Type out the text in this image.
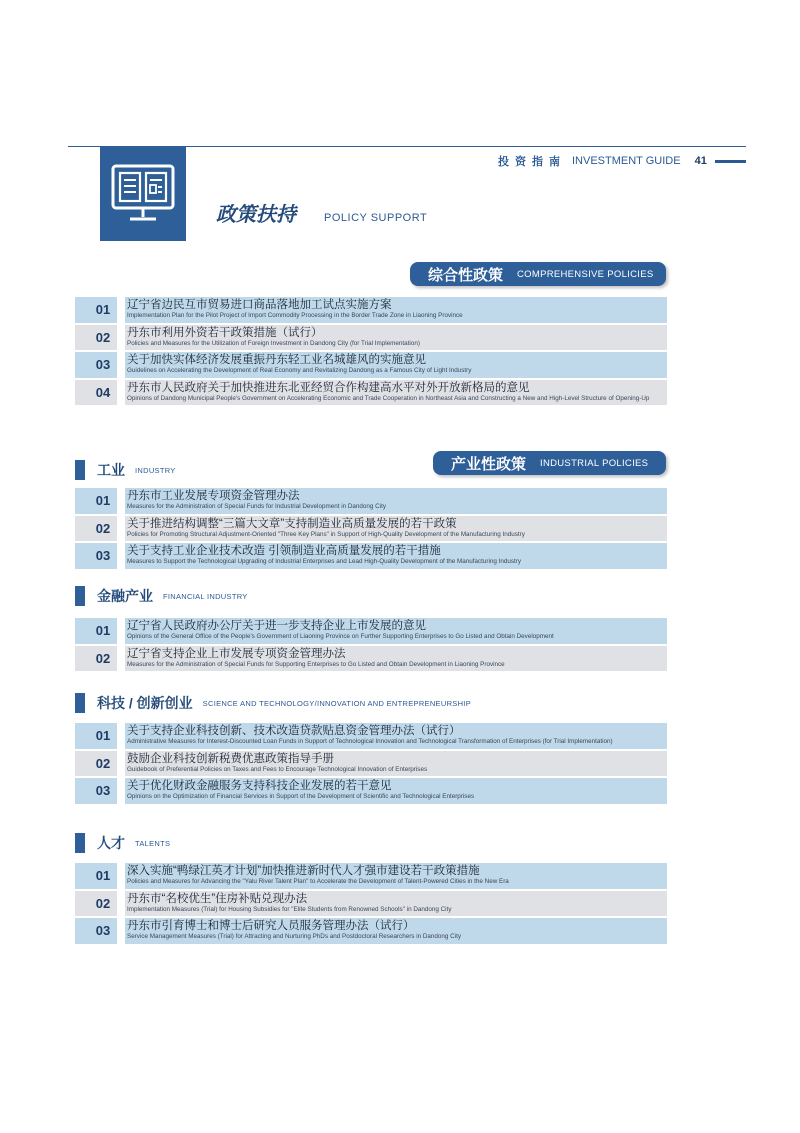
投资指南 INVESTMENT GUIDE 41
政策扶持	POLICY SUPPORT
综合性政策 COMPREHENSIVE POLICIES
01	辽宁省边民互市贸易进口商品落地加工试点实施方案
Implementation Plan for the Pilot Project of Import Commodity Processing in the Border Trade Zone in Liaoning Province
02	丹东市利用外资若干政策措施（试行）
Policies and Measures for the Utilization of Foreign Investment in Dandong City (for Trial Implementation)
03	关于加快实体经济发展重振丹东轻工业名城雄风的实施意见
Guidelines on Accelerating the Development of Real Economy and Revitalizing Dandong as a Famous City of Light Industry
04	丹东市人民政府关于加快推进东北亚经贸合作构建高水平对外开放新格局的意见
Opinions of Dandong Municipal People's Government on Accelerating Economic and Trade Cooperation in Northeast Asia and Constructing a New and High-Level Structure of Opening-Up
产业性政策 INDUSTRIAL POLICIES
工业 INDUSTRY
01	丹东市工业发展专项资金管理办法
Measures for the Administration of Special Funds for Industrial Development in Dandong City
02	关于推进结构调整“三篇大文章”支持制造业高质量发展的若干政策
Policies for Promoting Structural Adjustment-Oriented "Three Key Plans" in Support of High-Quality Development of the Manufacturing Industry
03	关于支持工业企业技术改造 引领制造业高质量发展的若干措施
Measures to Support the Technological Upgrading of Industrial Enterprises and Lead High-Quality Development of the Manufacturing Industry
金融产业 FINANCIAL INDUSTRY
01	辽宁省人民政府办公厅关于进一步支持企业上市发展的意见
Opinions of the General Office of the People's Government of Liaoning Province on Further Supporting Enterprises to Go Listed and Obtain Development
02	辽宁省支持企业上市发展专项资金管理办法
Measures for the Administration of Special Funds for Supporting Enterprises to Go Listed and Obtain Development in Liaoning Province
科技 / 创新创业 SCIENCE AND TECHNOLOGY/INNOVATION AND ENTREPRENEURSHIP
01	关于支持企业科技创新、技术改造贷款贴息资金管理办法（试行）
Administrative Measures for Interest-Discounted Loan Funds in Support of Technological Innovation and Technological Transformation of Enterprises (for Trial Implementation)
02	鼓励企业科技创新税费优惠政策指导手册
Guidebook of Preferential Policies on Taxes and Fees to Encourage Technological Innovation of Enterprises
03	关于优化财政金融服务支持科技企业发展的若干意见
Opinions on the Optimization of Financial Services in Support of the Development of Scientific and Technological Enterprises
人才 TALENTS
01	深入实施“鸭绿江英才计划”加快推进新时代人才强市建设若干政策措施
Policies and Measures for Advancing the "Yalu River Talent Plan" to Accelerate the Development of Talent-Powered Cities in the New Era
02	丹东市“名校优生”住房补贴兑现办法
Implementation Measures (Trial) for Housing Subsidies for "Elite Students from Renowned Schools" in Dandong City
03	丹东市引育博士和博士后研究人员服务管理办法（试行）
Service Management Measures (Trial) for Attracting and Nurturing PhDs and Postdoctoral Researchers in Dandong City
